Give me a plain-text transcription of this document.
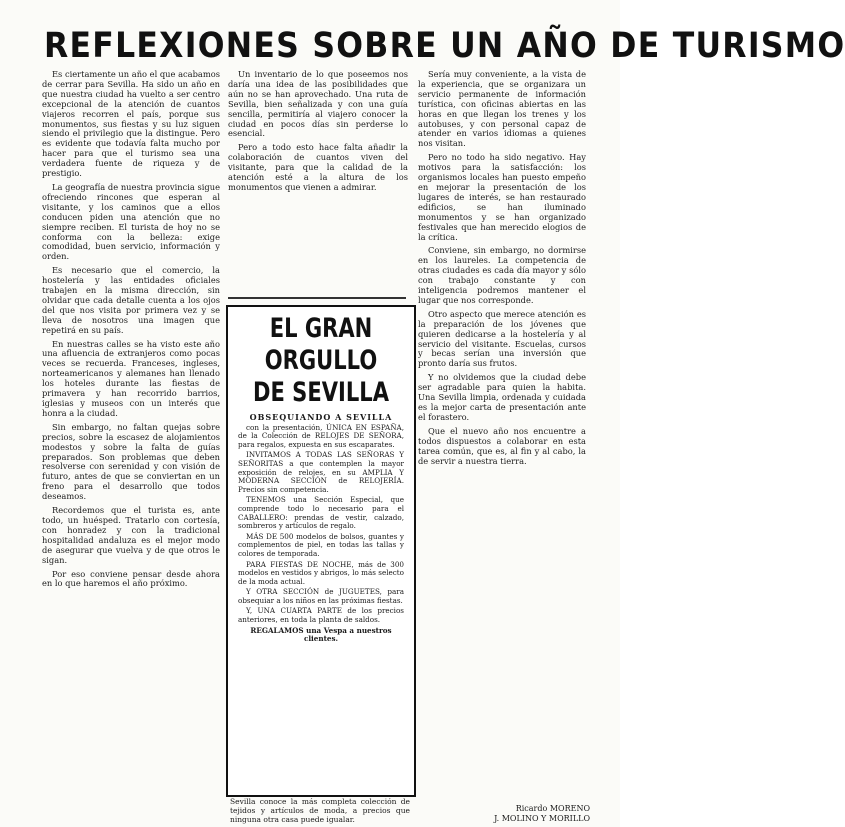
REFLEXIONES SOBRE UN AÑO DE TURISMO

Es ciertamente un año el que acabamos de cerrar para Sevilla. Ha sido un año en que nuestra ciudad ha vuelto a ser centro excepcional de la atención de cuantos viajeros recorren el país, porque sus monumentos, sus fiestas y su luz siguen siendo el privilegio que la distingue. Pero es evidente que todavía falta mucho por hacer para que el turismo sea una verdadera fuente de riqueza y de prestigio.

La geografía de nuestra provincia sigue ofreciendo rincones que esperan al visitante, y los caminos que a ellos conducen piden una atención que no siempre reciben. El turista de hoy no se conforma con la belleza: exige comodidad, buen servicio, información y orden.

Es necesario que el comercio, la hostelería y las entidades oficiales trabajen en la misma dirección, sin olvidar que cada detalle cuenta a los ojos del que nos visita por primera vez y se lleva de nosotros una imagen que repetirá en su país.

En nuestras calles se ha visto este año una afluencia de extranjeros como pocas veces se recuerda. Franceses, ingleses, norteamericanos y alemanes han llenado los hoteles durante las fiestas de primavera y han recorrido barrios, iglesias y museos con un interés que honra a la ciudad.

Sin embargo, no faltan quejas sobre precios, sobre la escasez de alojamientos modestos y sobre la falta de guías preparados. Son problemas que deben resolverse con serenidad y con visión de futuro, antes de que se conviertan en un freno para el desarrollo que todos deseamos.

Recordemos que el turista es, ante todo, un huésped. Tratarlo con cortesía, con honradez y con la tradicional hospitalidad andaluza es el mejor modo de asegurar que vuelva y de que otros le sigan.

Por eso conviene pensar desde ahora en lo que haremos el año próximo.

Un inventario de lo que poseemos nos daría una idea de las posibilidades que aún no se han aprovechado. Una ruta de Sevilla, bien señalizada y con una guía sencilla, permitiría al viajero conocer la ciudad en pocos días sin perderse lo esencial.

Pero a todo esto hace falta añadir la colaboración de cuantos viven del visitante, para que la calidad de la atención esté a la altura de los monumentos que vienen a admirar.

EL GRAN ORGULLO
DE SEVILLA

OBSEQUIANDO A SEVILLA

con la presentación, ÚNICA EN ESPAÑA, de la Colección de RELOJES DE SEÑORA, para regalos, expuesta en sus escaparates.

INVITAMOS A TODAS LAS SEÑORAS Y SEÑORITAS a que contemplen la mayor exposición de relojes, en su AMPLIA Y MODERNA SECCIÓN de RELOJERÍA. Precios sin competencia.

TENEMOS una Sección Especial, que comprende todo lo necesario para el CABALLERO: prendas de vestir, calzado, sombreros y artículos de regalo.

MÁS DE 500 modelos de bolsos, guantes y complementos de piel, en todas las tallas y colores de temporada.

PARA FIESTAS DE NOCHE, más de 300 modelos en vestidos y abrigos, lo más selecto de la moda actual.

Y OTRA SECCIÓN de JUGUETES, para obsequiar a los niños en las próximas fiestas.

Y, UNA CUARTA PARTE de los precios anteriores, en toda la planta de saldos.

REGALAMOS una Vespa a nuestros clientes.

Sevilla conoce la más completa colección de tejidos y artículos de moda, a precios que ninguna otra casa puede igualar.

Sería muy conveniente, a la vista de la experiencia, que se organizara un servicio permanente de información turística, con oficinas abiertas en las horas en que llegan los trenes y los autobuses, y con personal capaz de atender en varios idiomas a quienes nos visitan.

Pero no todo ha sido negativo. Hay motivos para la satisfacción: los organismos locales han puesto empeño en mejorar la presentación de los lugares de interés, se han restaurado edificios, se han iluminado monumentos y se han organizado festivales que han merecido elogios de la crítica.

Conviene, sin embargo, no dormirse en los laureles. La competencia de otras ciudades es cada día mayor y sólo con trabajo constante y con inteligencia podremos mantener el lugar que nos corresponde.

Otro aspecto que merece atención es la preparación de los jóvenes que quieren dedicarse a la hostelería y al servicio del visitante. Escuelas, cursos y becas serían una inversión que pronto daría sus frutos.

Y no olvidemos que la ciudad debe ser agradable para quien la habita. Una Sevilla limpia, ordenada y cuidada es la mejor carta de presentación ante el forastero.

Que el nuevo año nos encuentre a todos dispuestos a colaborar en esta tarea común, que es, al fin y al cabo, la de servir a nuestra tierra.

Ricardo MORENO
J. MOLINO Y MORILLO
